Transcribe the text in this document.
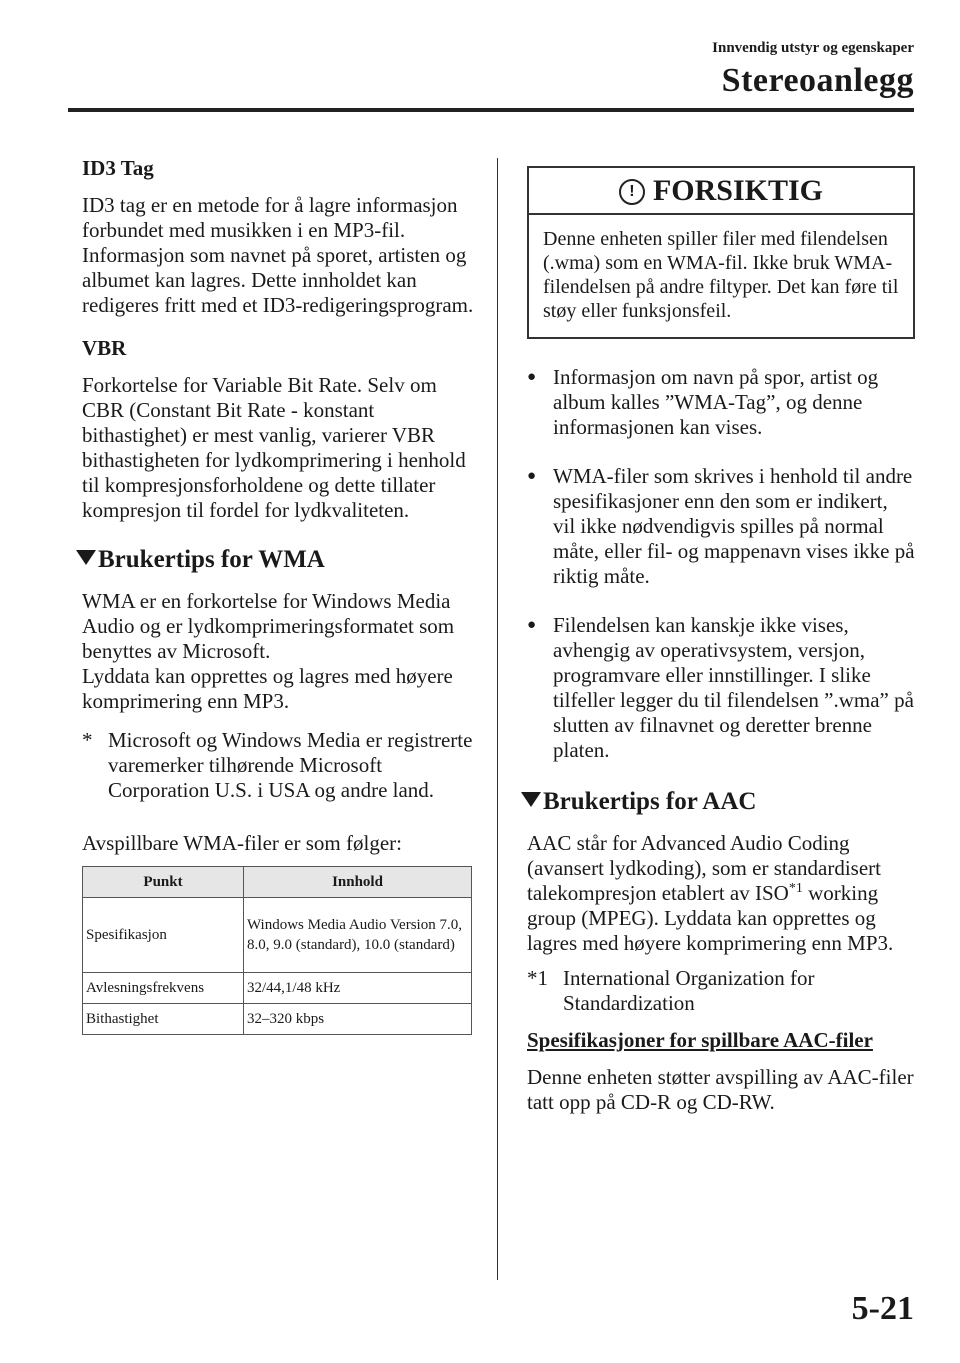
Innvendig utstyr og egenskaper
Stereoanlegg

ID3 Tag

ID3 tag er en metode for å lagre informasjon forbundet med musikken i en MP3-fil. Informasjon som navnet på sporet, artisten og albumet kan lagres. Dette innholdet kan redigeres fritt med et ID3-redigeringsprogram.

VBR

Forkortelse for Variable Bit Rate. Selv om CBR (Constant Bit Rate - konstant bithastighet) er mest vanlig, varierer VBR bithastigheten for lydkomprimering i henhold til kompresjonsforholdene og dette tillater kompresjon til fordel for lydkvaliteten.

Brukertips for WMA

WMA er en forkortelse for Windows Media Audio og er lydkomprimeringsformatet som benyttes av Microsoft.

Lyddata kan opprettes og lagres med høyere komprimering enn MP3.

* Microsoft og Windows Media er registrerte varemerker tilhørende Microsoft Corporation U.S. i USA og andre land.

Avspillbare WMA-filer er som følger:

Punkt	Innhold
Spesifikasjon	Windows Media Audio Version 7.0, 8.0, 9.0 (standard), 10.0 (standard)
Avlesningsfrekvens	32/44,1/48 kHz
Bithastighet	32–320 kbps
! FORSIKTIG
Denne enheten spiller filer med filendelsen (.wma) som en WMA-fil. Ikke bruk WMA-filendelsen på andre filtyper. Det kan føre til støy eller funksjonsfeil.
● Informasjon om navn på spor, artist og album kalles ”WMA-Tag”, og denne informasjonen kan vises.
● WMA-filer som skrives i henhold til andre spesifikasjoner enn den som er indikert, vil ikke nødvendigvis spilles på normal måte, eller fil- og mappenavn vises ikke på riktig måte.
● Filendelsen kan kanskje ikke vises, avhengig av operativsystem, versjon, programvare eller innstillinger. I slike tilfeller legger du til filendelsen ”.wma” på slutten av filnavnet og deretter brenne platen.
Brukertips for AAC

AAC står for Advanced Audio Coding (avansert lydkoding), som er standardisert talekompresjon etablert av ISO$^{*1}$ working group (MPEG). Lyddata kan opprettes og lagres med høyere komprimering enn MP3.

*1 International Organization for Standardization

Spesifikasjoner for spillbare AAC-filer

Denne enheten støtter avspilling av AAC-filer tatt opp på CD-R og CD-RW.

5-21
